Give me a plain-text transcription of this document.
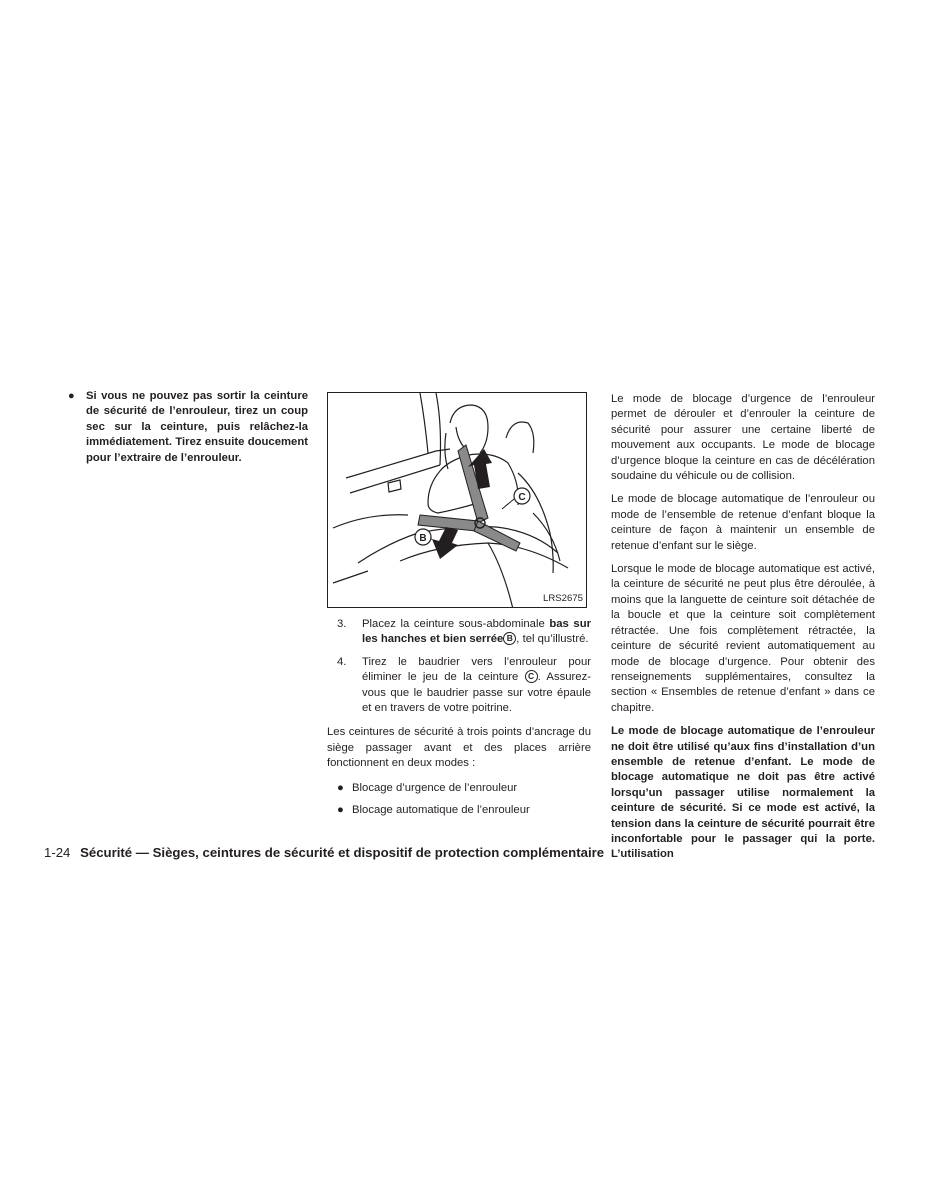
● Si vous ne pouvez pas sortir la ceinture de sécurité de l’enrouleur, tirez un coup sec sur la ceinture, puis relâchez-la immédiatement. Tirez ensuite doucement pour l’extraire de l’enrouleur.
C
B
LRS2675
3. Placez la ceinture sous-abdominale bas sur les hanches et bien serrée B , tel qu’illustré.
4. Tirez le baudrier vers l’enrouleur pour éliminer le jeu de la ceinture C . Assurez-vous que le baudrier passe sur votre épaule et en travers de votre poitrine.

Les ceintures de sécurité à trois points d’ancrage du siège passager avant et des places arrière fonctionnent en deux modes :

● Blocage d’urgence de l’enrouleur
● Blocage automatique de l’enrouleur

Le mode de blocage d’urgence de l’enrouleur permet de dérouler et d’enrouler la ceinture de sécurité pour assurer une certaine liberté de mouvement aux occupants. Le mode de blocage d’urgence bloque la ceinture en cas de décélération soudaine du véhicule ou de collision.

Le mode de blocage automatique de l’enrouleur ou mode de l’ensemble de retenue d’enfant bloque la ceinture de façon à maintenir un ensemble de retenue d’enfant sur le siège.

Lorsque le mode de blocage automatique est activé, la ceinture de sécurité ne peut plus être déroulée, à moins que la languette de ceinture soit détachée de la boucle et que la ceinture soit complètement rétractée. Une fois complètement rétractée, la ceinture de sécurité revient automatiquement au mode de blocage d’urgence. Pour obtenir des renseignements supplémentaires, consultez la section « Ensembles de retenue d’enfant » dans ce chapitre.

Le mode de blocage automatique de l’enrouleur ne doit être utilisé qu’aux fins d’installation d’un ensemble de retenue d’enfant. Le mode de blocage automatique ne doit pas être activé lorsqu’un passager utilise normalement la ceinture de sécurité. Si ce mode est activé, la tension dans la ceinture de sécurité pourrait être inconfortable pour le passager qui la porte. L’utilisation

1-24 Sécurité — Sièges, ceintures de sécurité et dispositif de protection complémentaire
